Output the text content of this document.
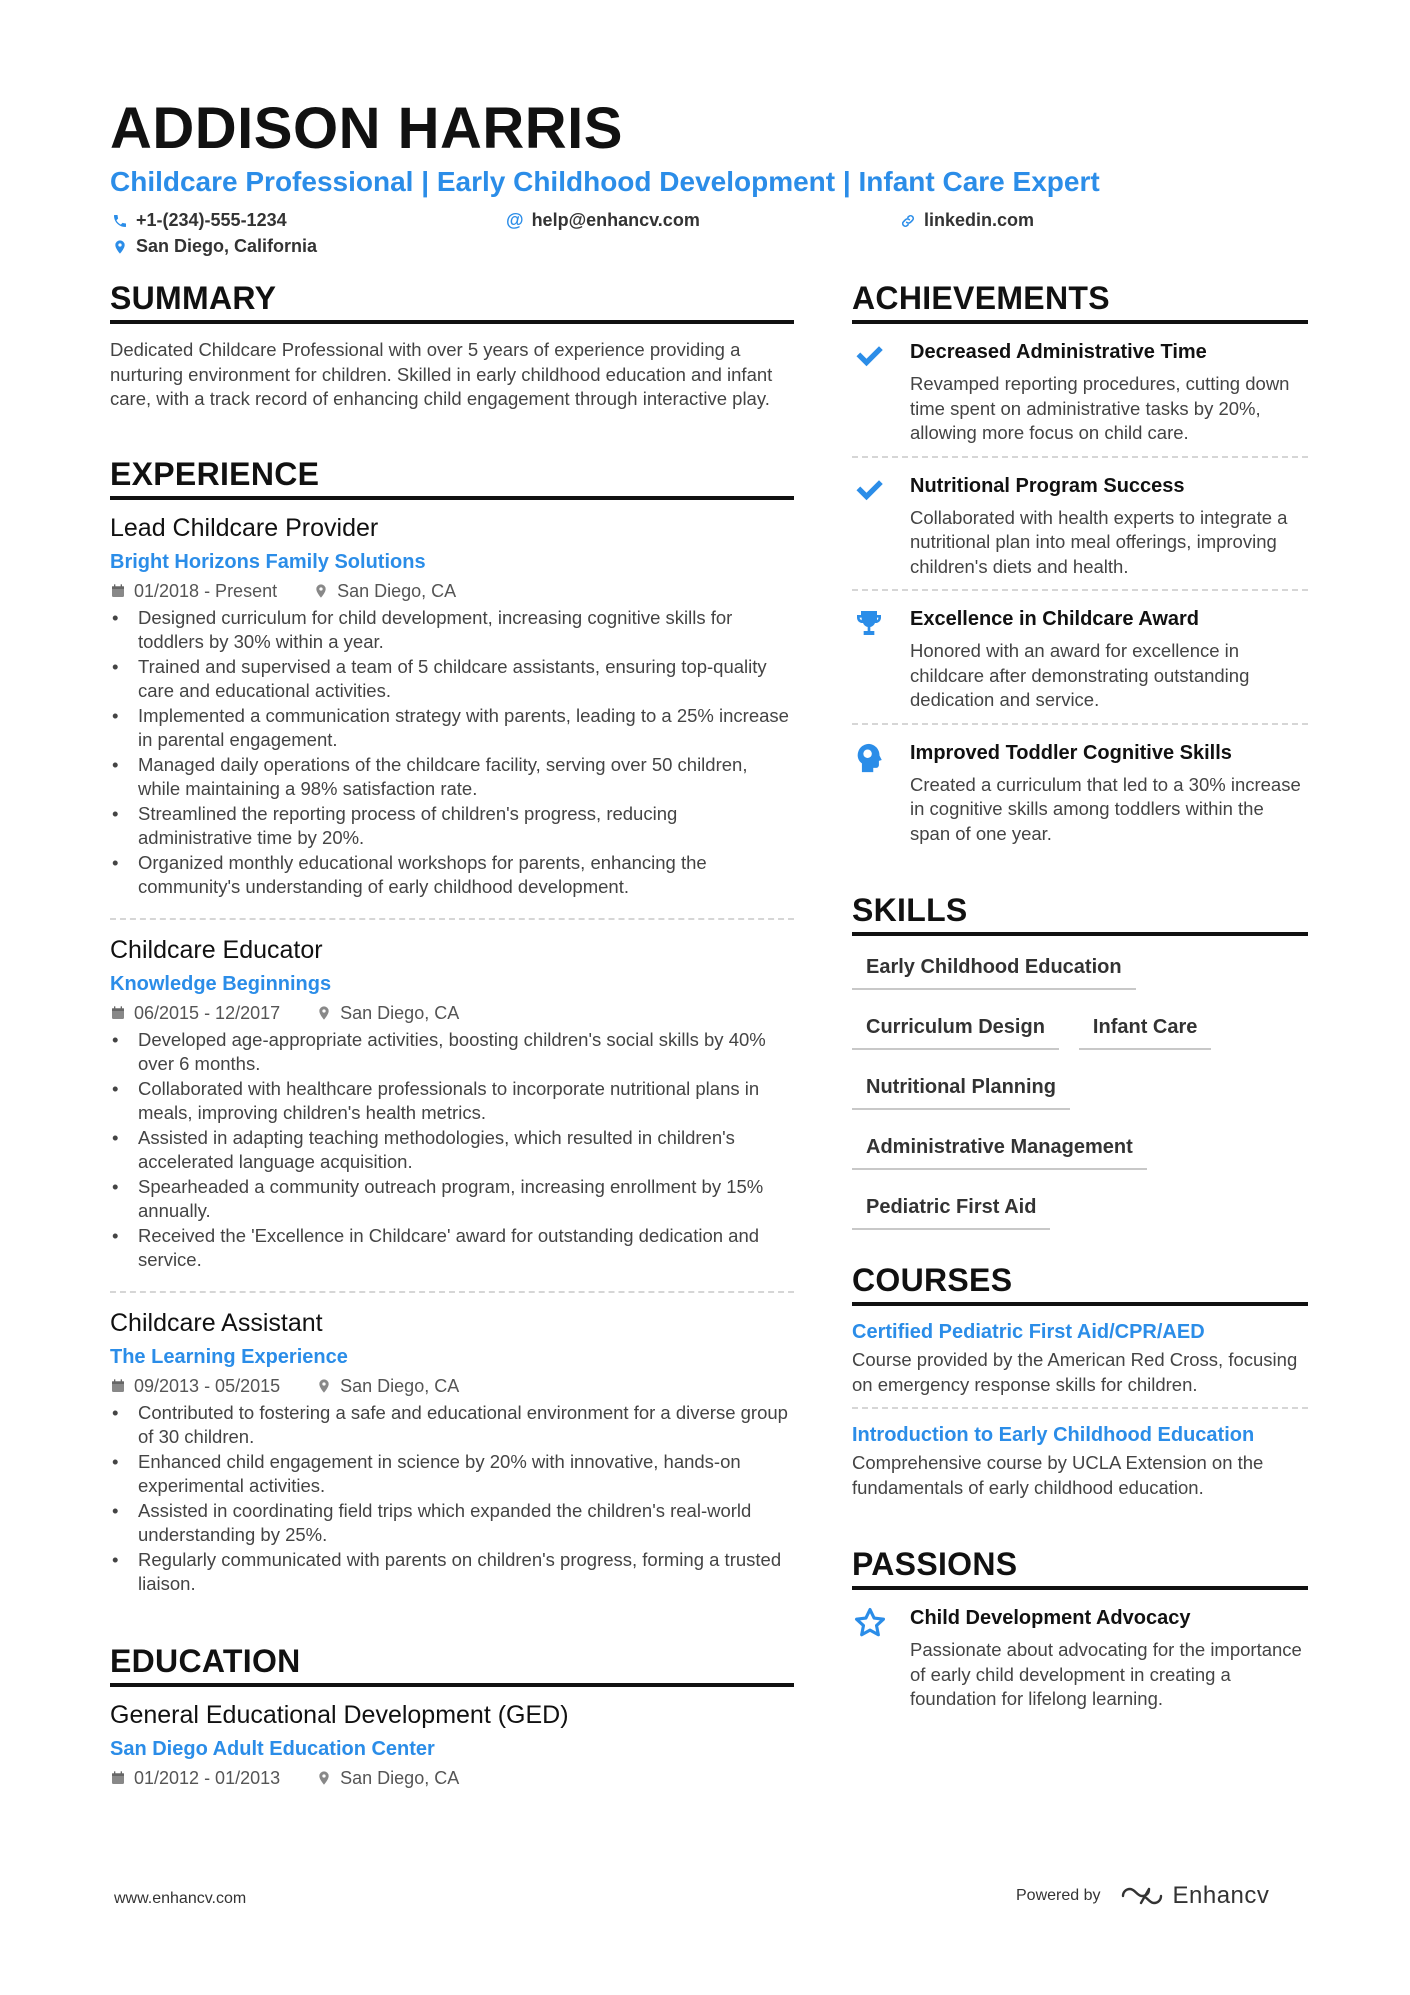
ADDISON HARRIS
Childcare Professional | Early Childhood Development | Infant Care Expert
+1-(234)-555-1234	@ help@enhancv.com	linkedin.com
San Diego, California
SUMMARY
Dedicated Childcare Professional with over 5 years of experience providing a nurturing environment for children. Skilled in early childhood education and infant care, with a track record of enhancing child engagement through interactive play.
EXPERIENCE
Lead Childcare Provider
Bright Horizons Family Solutions
01/2018 - Present	San Diego, CA
• Designed curriculum for child development, increasing cognitive skills for toddlers by 30% within a year.
• Trained and supervised a team of 5 childcare assistants, ensuring top-quality care and educational activities.
• Implemented a communication strategy with parents, leading to a 25% increase in parental engagement.
• Managed daily operations of the childcare facility, serving over 50 children, while maintaining a 98% satisfaction rate.
• Streamlined the reporting process of children's progress, reducing administrative time by 20%.
• Organized monthly educational workshops for parents, enhancing the community's understanding of early childhood development.
Childcare Educator
Knowledge Beginnings
06/2015 - 12/2017	San Diego, CA
• Developed age-appropriate activities, boosting children's social skills by 40% over 6 months.
• Collaborated with healthcare professionals to incorporate nutritional plans in meals, improving children's health metrics.
• Assisted in adapting teaching methodologies, which resulted in children's accelerated language acquisition.
• Spearheaded a community outreach program, increasing enrollment by 15% annually.
• Received the 'Excellence in Childcare' award for outstanding dedication and service.
Childcare Assistant
The Learning Experience
09/2013 - 05/2015	San Diego, CA
• Contributed to fostering a safe and educational environment for a diverse group of 30 children.
• Enhanced child engagement in science by 20% with innovative, hands-on experimental activities.
• Assisted in coordinating field trips which expanded the children's real-world understanding by 25%.
• Regularly communicated with parents on children's progress, forming a trusted liaison.
EDUCATION
General Educational Development (GED)
San Diego Adult Education Center
01/2012 - 01/2013	San Diego, CA
ACHIEVEMENTS
Decreased Administrative Time
Revamped reporting procedures, cutting down time spent on administrative tasks by 20%, allowing more focus on child care.
Nutritional Program Success
Collaborated with health experts to integrate a nutritional plan into meal offerings, improving children's diets and health.
Excellence in Childcare Award
Honored with an award for excellence in childcare after demonstrating outstanding dedication and service.
Improved Toddler Cognitive Skills
Created a curriculum that led to a 30% increase in cognitive skills among toddlers within the span of one year.
SKILLS
Early Childhood Education
Curriculum Design	Infant Care
Nutritional Planning
Administrative Management
Pediatric First Aid
COURSES
Certified Pediatric First Aid/CPR/AED
Course provided by the American Red Cross, focusing on emergency response skills for children.
Introduction to Early Childhood Education
Comprehensive course by UCLA Extension on the fundamentals of early childhood education.
PASSIONS
Child Development Advocacy
Passionate about advocating for the importance of early child development in creating a foundation for lifelong learning.
www.enhancv.com	Powered by	Enhancv
